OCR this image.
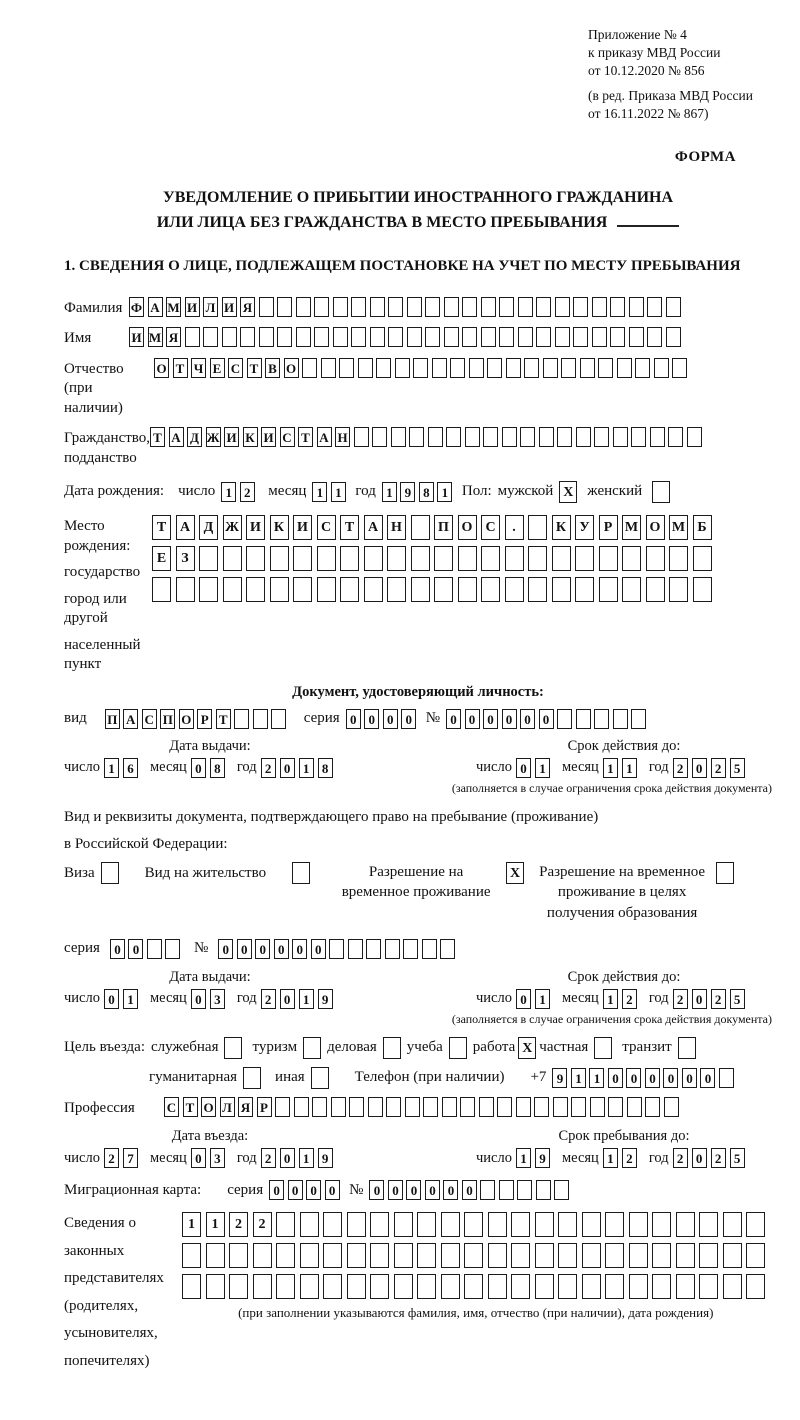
Приложение № 4
к приказу МВД России
от 10.12.2020 № 856
(в ред. Приказа МВД России
от 16.11.2022 № 867)
ФОРМА
УВЕДОМЛЕНИЕ О ПРИБЫТИИ ИНОСТРАННОГО ГРАЖДАНИНА
ИЛИ ЛИЦА БЕЗ ГРАЖДАНСТВА В МЕСТО ПРЕБЫВАНИЯ
1. СВЕДЕНИЯ О ЛИЦЕ, ПОДЛЕЖАЩЕМ ПОСТАНОВКЕ НА УЧЕТ ПО МЕСТУ ПРЕБЫВАНИЯ
Фамилия Ф А М И Л И Я
Имя	И М Я
Отчество
(при наличии)
О Т Ч Е С Т В О
Гражданство,
подданство
Т А Д Ж И К И С Т А Н
Дата рождения: число 1 2 месяц 1 1 год 1 9 8 1 Пол: мужской X женский
Место рождения:
государство
город или другой
населенный пункт
Т А Д Ж И К И С Т А Н	П О С	.	К У	Р М О М Б
Е	З
Документ, удостоверяющий личность:
вид П А С П О Р Т	серия 0 0 0 0 № 0 0 0 0 0 0
Дата выдачи:
число 1 6 месяц 0 8 год 2 0 1 8
Срок действия до:
число 0 1 месяц 1 1 год 2 0 2 5
(заполняется в случае ограничения срока действия документа)
Вид и реквизиты документа, подтверждающего право на пребывание (проживание)
в Российской Федерации:
Виза	Вид на жительство	Разрешение на временное проживание
X Разрешение на временное проживание в целях получения образования
серия	0 0	№	0 0 0 0 0 0
Дата выдачи:
число 0 1 месяц 0 3 год 2 0 1 9
Срок действия до:
число 0 1 месяц 1 2 год 2 0 2 5
(заполняется в случае ограничения срока действия документа)
Цель въезда: служебная туризм деловая учеба работа X частная транзит
гуманитарная	иная	Телефон (при наличии) +7 9 1 1 0 0 0 0 0 0
Профессия	С Т О Л Я Р
Дата въезда:
число 2 7 месяц 0 3 год 2 0 1 9
Срок пребывания до:
число 1 9 месяц 1 2 год 2 0 2 5
Миграционная карта: серия 0 0 0 0 № 0 0 0 0 0 0
Сведения о
законных
представителях
(родителях,
усыновителях,
попечителях)
1	1	2	2
(при заполнении указываются фамилия, имя, отчество (при наличии), дата рождения)
